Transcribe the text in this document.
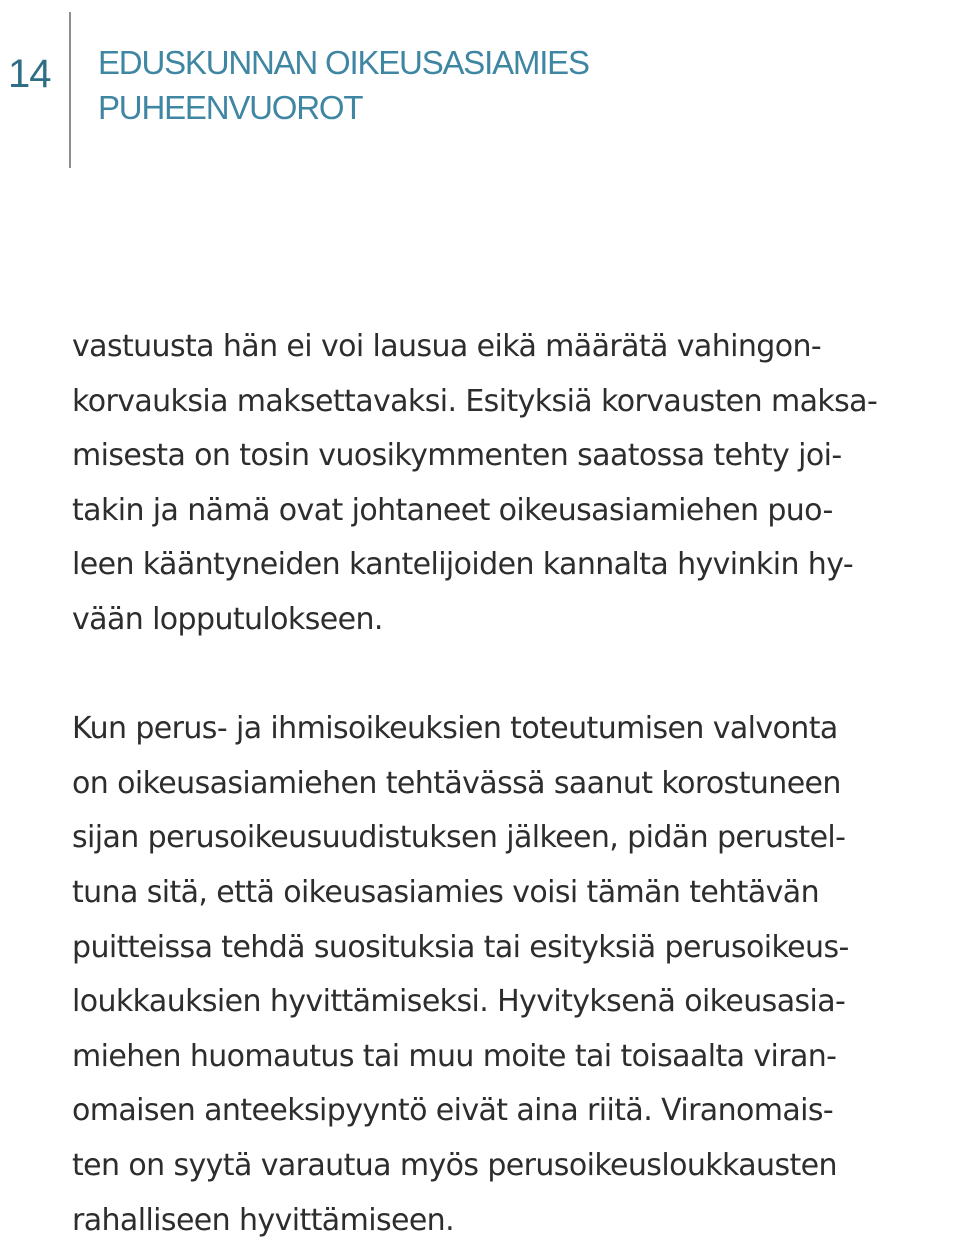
14 EDUSKUNNAN OIKEUSASIAMIES
PUHEENVUOROT

vastuusta hän ei voi lausua eikä määrätä vahingon-
korvauksia maksettavaksi. Esityksiä korvausten maksa-
misesta on tosin vuosikymmenten saatossa tehty joi-
takin ja nämä ovat johtaneet oikeusasiamiehen puo-
leen kääntyneiden kantelijoiden kannalta hyvinkin hy-
vään lopputulokseen.

Kun perus- ja ihmisoikeuksien toteutumisen valvonta
on oikeusasiamiehen tehtävässä saanut korostuneen
sijan perusoikeusuudistuksen jälkeen, pidän perustel-
tuna sitä, että oikeusasiamies voisi tämän tehtävän
puitteissa tehdä suosituksia tai esityksiä perusoikeus-
loukkauksien hyvittämiseksi. Hyvityksenä oikeusasia-
miehen huomautus tai muu moite tai toisaalta viran-
omaisen anteeksipyyntö eivät aina riitä. Viranomais-
ten on syytä varautua myös perusoikeusloukkausten
rahalliseen hyvittämiseen.
